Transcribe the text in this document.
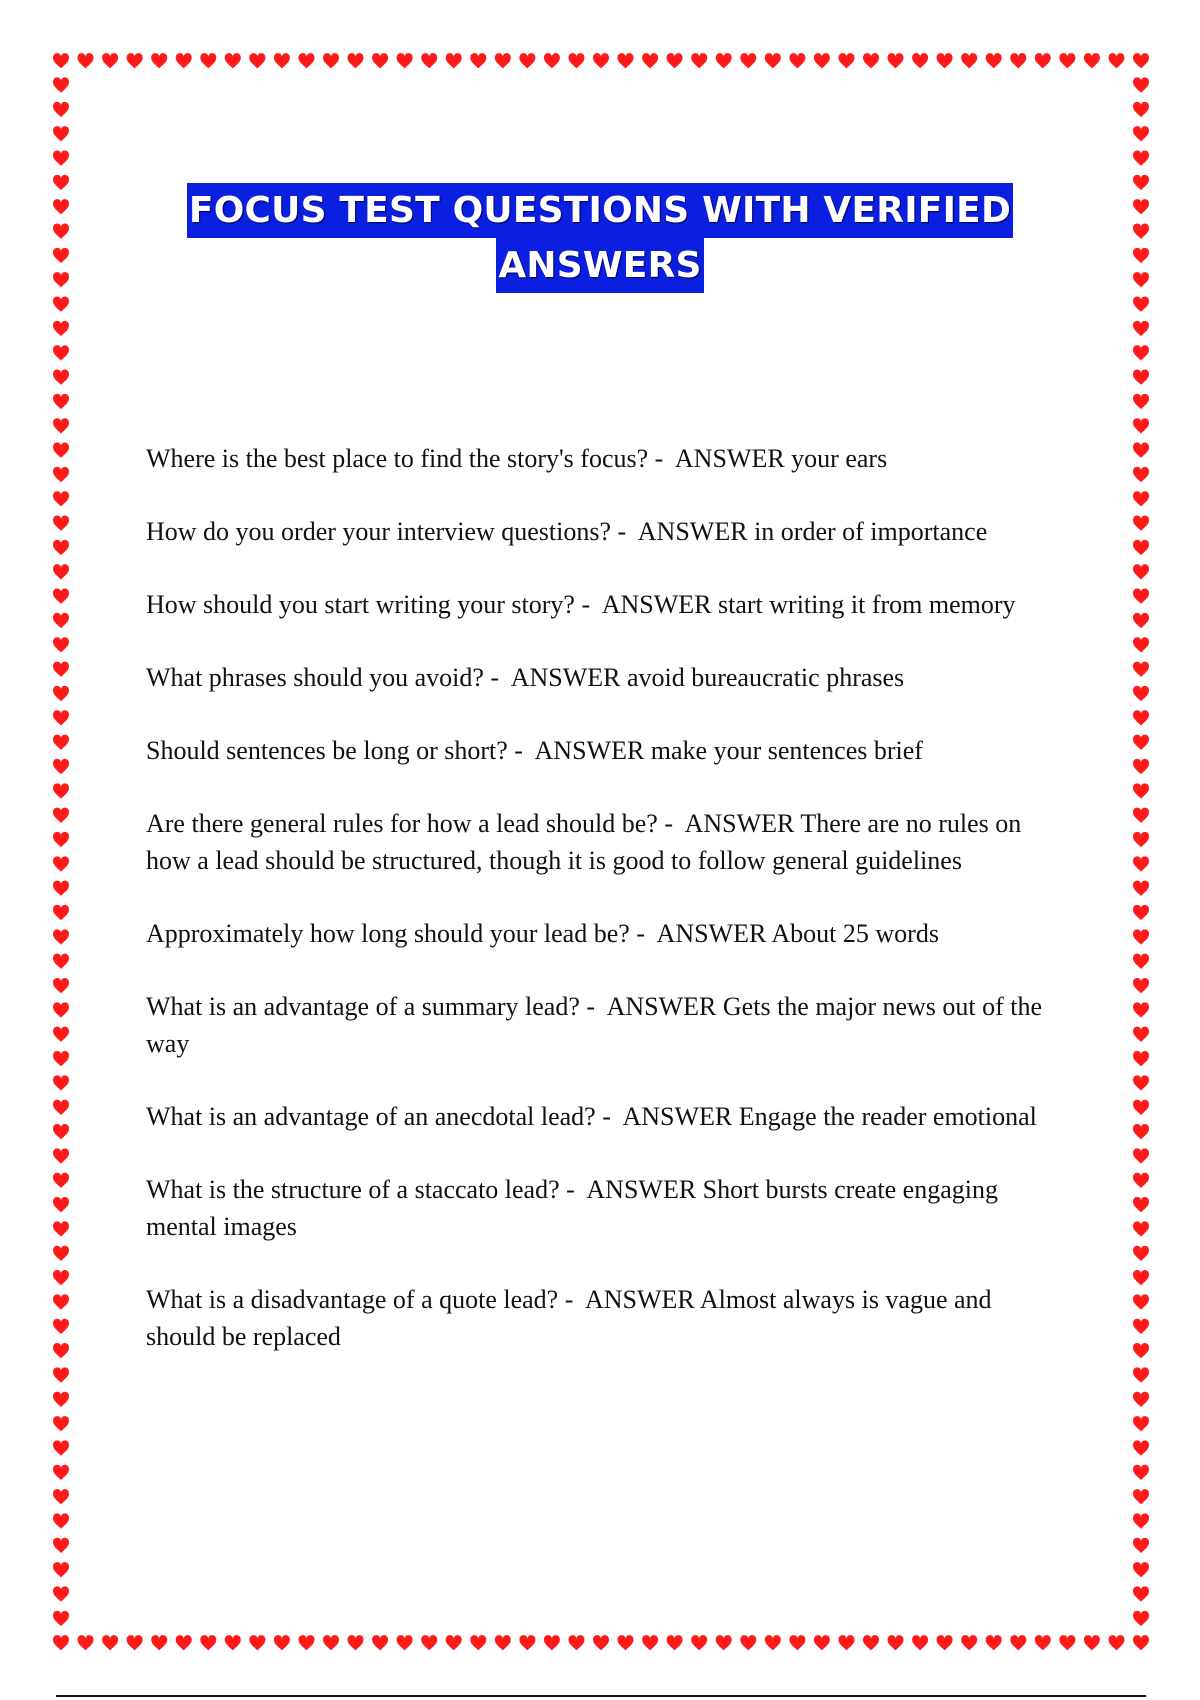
FOCUS TEST QUESTIONS WITH VERIFIED
ANSWERS
Where is the best place to find the story's focus? - ANSWER your ears
How do you order your interview questions? - ANSWER in order of importance
How should you start writing your story? - ANSWER start writing it from memory
What phrases should you avoid? - ANSWER avoid bureaucratic phrases
Should sentences be long or short? - ANSWER make your sentences brief
Are there general rules for how a lead should be? - ANSWER There are no rules on how a lead should be structured, though it is good to follow general guidelines
Approximately how long should your lead be? - ANSWER About 25 words
What is an advantage of a summary lead? - ANSWER Gets the major news out of the way
What is an advantage of an anecdotal lead? - ANSWER Engage the reader emotional
What is the structure of a staccato lead? - ANSWER Short bursts create engaging mental images
What is a disadvantage of a quote lead? - ANSWER Almost always is vague and should be replaced
